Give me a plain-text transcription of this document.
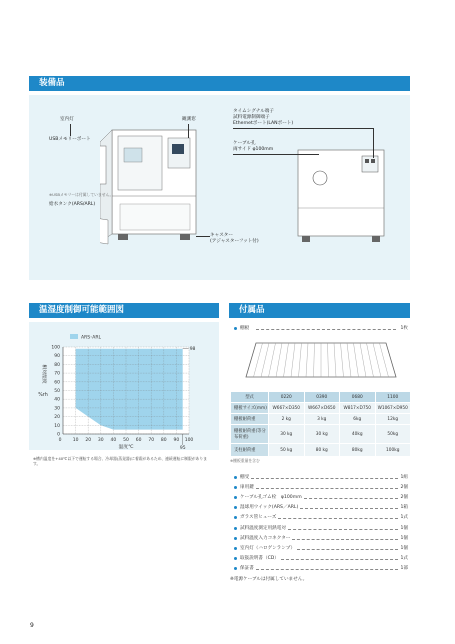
装備品
室内灯	観測窓
USBメモリーポート
※USBメモリーは付属していません。
給水タンク(ARS/ARL)
タイムシグナル端子
試料電源制御端子
Ethernetポート(LANポート)
ケーブル孔
両サイド φ100mm
キャスター
(アジャスターフット付)
温湿度制御可能範囲図
0
10
20
30
40
50
60
70
80
90
100
0	10 20 30 40 50 60 70 80 90 100
98
95
温度℃
相対湿度
%rh
ARS･ARL
※槽内温度を+40℃以下で運転する場合、冷却器(蒸発器)に着霜があるため、連続運転に制限があります。
付属品
棚板	1枚
型式	0220	0390	0680	1100
棚板サイズ(mm)	W667×D350	W667×D650	W817×D750	W1067×D950
棚板耐荷重	2 kg	3 kg	6kg	12kg
棚板耐荷重(等分布荷重)	30 kg	30 kg	40kg	50kg
支柱耐荷重	50 kg	80 kg	80kg	100kg
※棚板重量を含む
棚受	1組
扉用鍵	2個
ケーブル孔ゴム栓　φ100mm	2個
湿球用ウイック(ARS／ARL)	1箱
ガラス管ヒューズ	1式
試料温度測定用熱電対	1個
試料温度入力コネクター	1個
室内灯（ハロゲンランプ）	1個
取扱説明書（CD）	1式
保証書	1部
※電源ケーブルは付属していません。
9
